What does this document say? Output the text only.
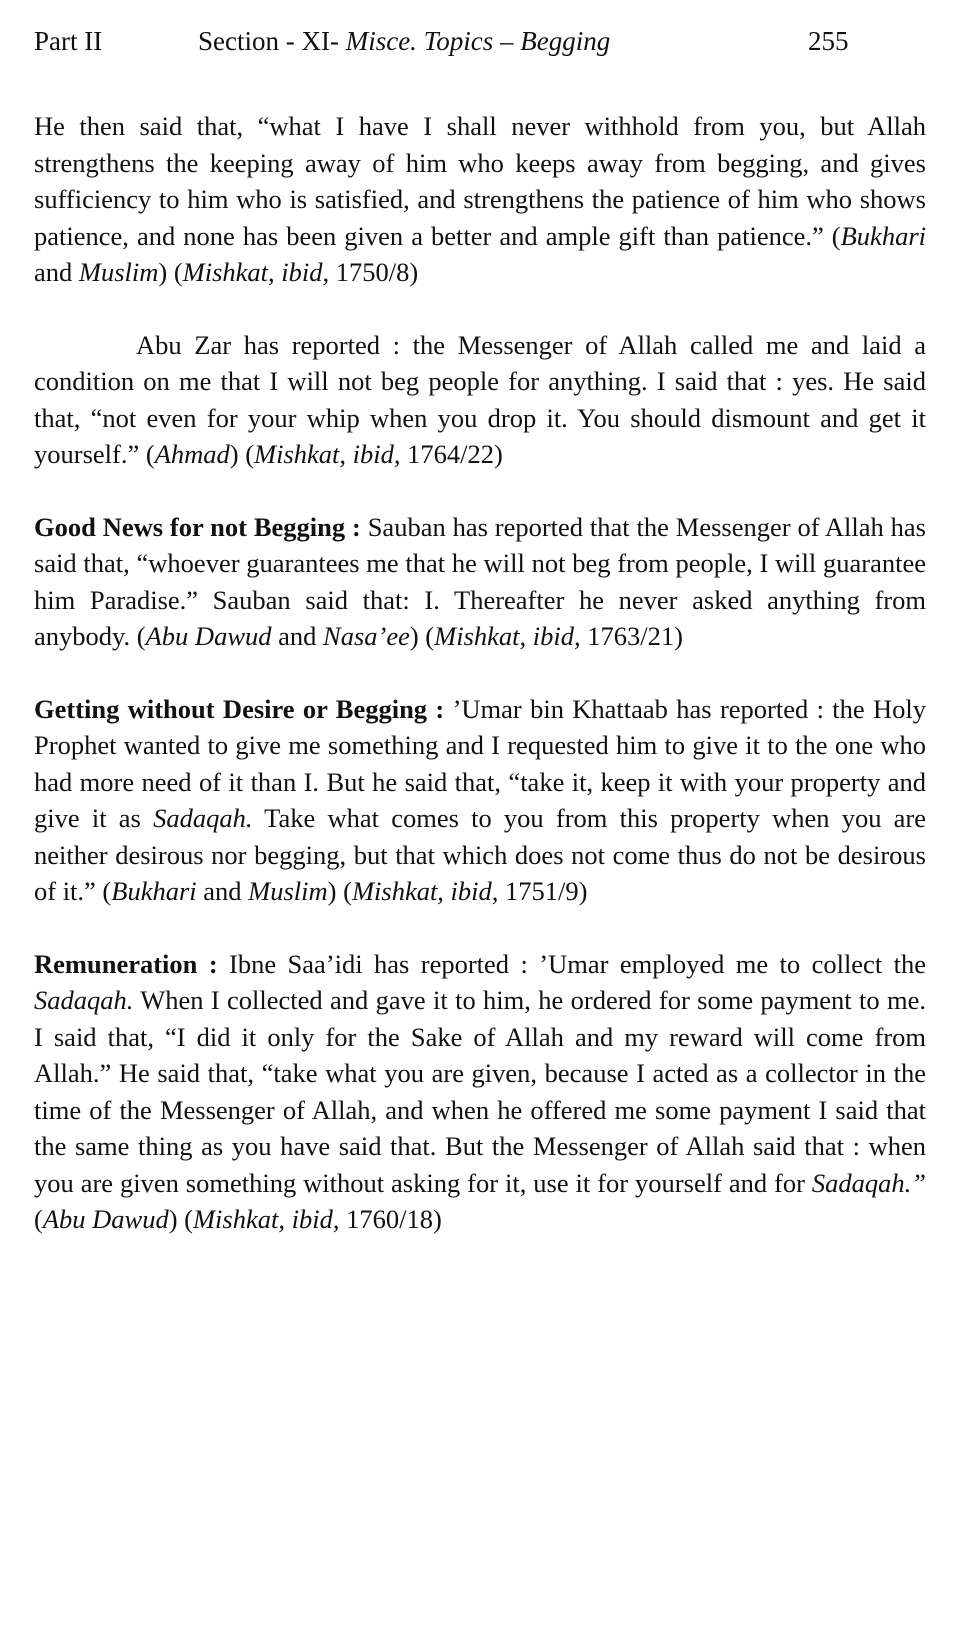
Part II	Section - XI- Misce. Topics – Begging	255

He then said that, “what I have I shall never withhold from you, but Allah strengthens the keeping away of him who keeps away from begging, and gives sufficiency to him who is satisfied, and strengthens the patience of him who shows patience, and none has been given a better and ample gift than patience.” (Bukhari and Muslim) (Mishkat, ibid, 1750/8)

Abu Zar has reported : the Messenger of Allah called me and laid a condition on me that I will not beg people for anything. I said that : yes. He said that, “not even for your whip when you drop it. You should dismount and get it yourself.” (Ahmad) (Mishkat, ibid, 1764/22)

Good News for not Begging : Sauban has reported that the Messenger of Allah has said that, “whoever guarantees me that he will not beg from people, I will guarantee him Paradise.” Sauban said that: I. Thereafter he never asked anything from anybody. (Abu Dawud and Nasa’ee) (Mishkat, ibid, 1763/21)

Getting without Desire or Begging : ’Umar bin Khattaab has reported : the Holy Prophet wanted to give me something and I requested him to give it to the one who had more need of it than I. But he said that, “take it, keep it with your property and give it as Sadaqah. Take what comes to you from this property when you are neither desirous nor begging, but that which does not come thus do not be desirous of it.” (Bukhari and Muslim) (Mishkat, ibid, 1751/9)

Remuneration : Ibne Saa’idi has reported : ’Umar employed me to collect the Sadaqah. When I collected and gave it to him, he ordered for some payment to me. I said that, “I did it only for the Sake of Allah and my reward will come from Allah.” He said that, “take what you are given, because I acted as a collector in the time of the Messenger of Allah, and when he offered me some payment I said that the same thing as you have said that. But the Messenger of Allah said that : when you are given something without asking for it, use it for yourself and for Sadaqah.” (Abu Dawud) (Mishkat, ibid, 1760/18)
